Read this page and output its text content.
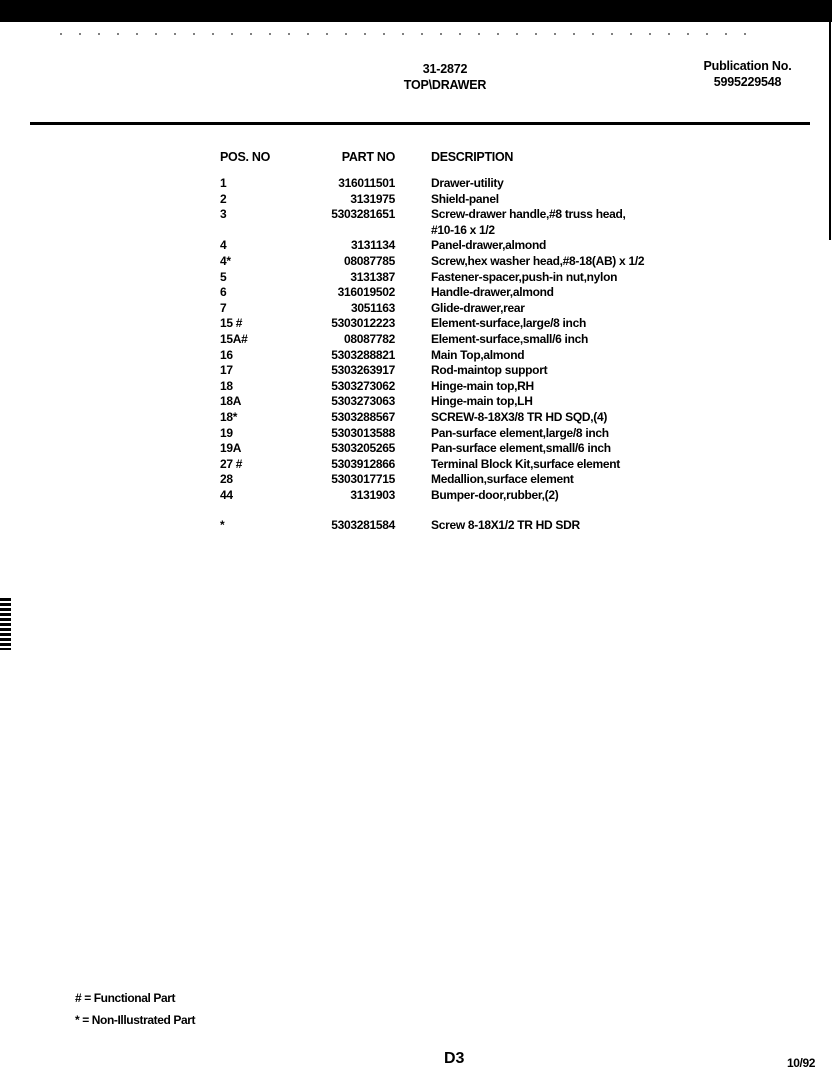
31-2872
TOP\DRAWER
Publication No.
5995229548
POS. NO	PART NO	DESCRIPTION
1	316011501	Drawer-utility
2	3131975	Shield-panel
3	5303281651	Screw-drawer handle,#8 truss head,
#10-16 x 1/2
4	3131134	Panel-drawer,almond
4*	08087785	Screw,hex washer head,#8-18(AB) x 1/2
5	3131387	Fastener-spacer,push-in nut,nylon
6	316019502	Handle-drawer,almond
7	3051163	Glide-drawer,rear
15 #	5303012223	Element-surface,large/8 inch
15A#	08087782	Element-surface,small/6 inch
16	5303288821	Main Top,almond
17	5303263917	Rod-maintop support
18	5303273062	Hinge-main top,RH
18A	5303273063	Hinge-main top,LH
18*	5303288567	SCREW-8-18X3/8 TR HD SQD,(4)
19	5303013588	Pan-surface element,large/8 inch
19A	5303205265	Pan-surface element,small/6 inch
27 #	5303912866	Terminal Block Kit,surface element
28	5303017715	Medallion,surface element
44	3131903	Bumper-door,rubber,(2)
*	5303281584	Screw 8-18X1/2 TR HD SDR
# = Functional Part
* = Non-Illustrated Part
D3	10/92
